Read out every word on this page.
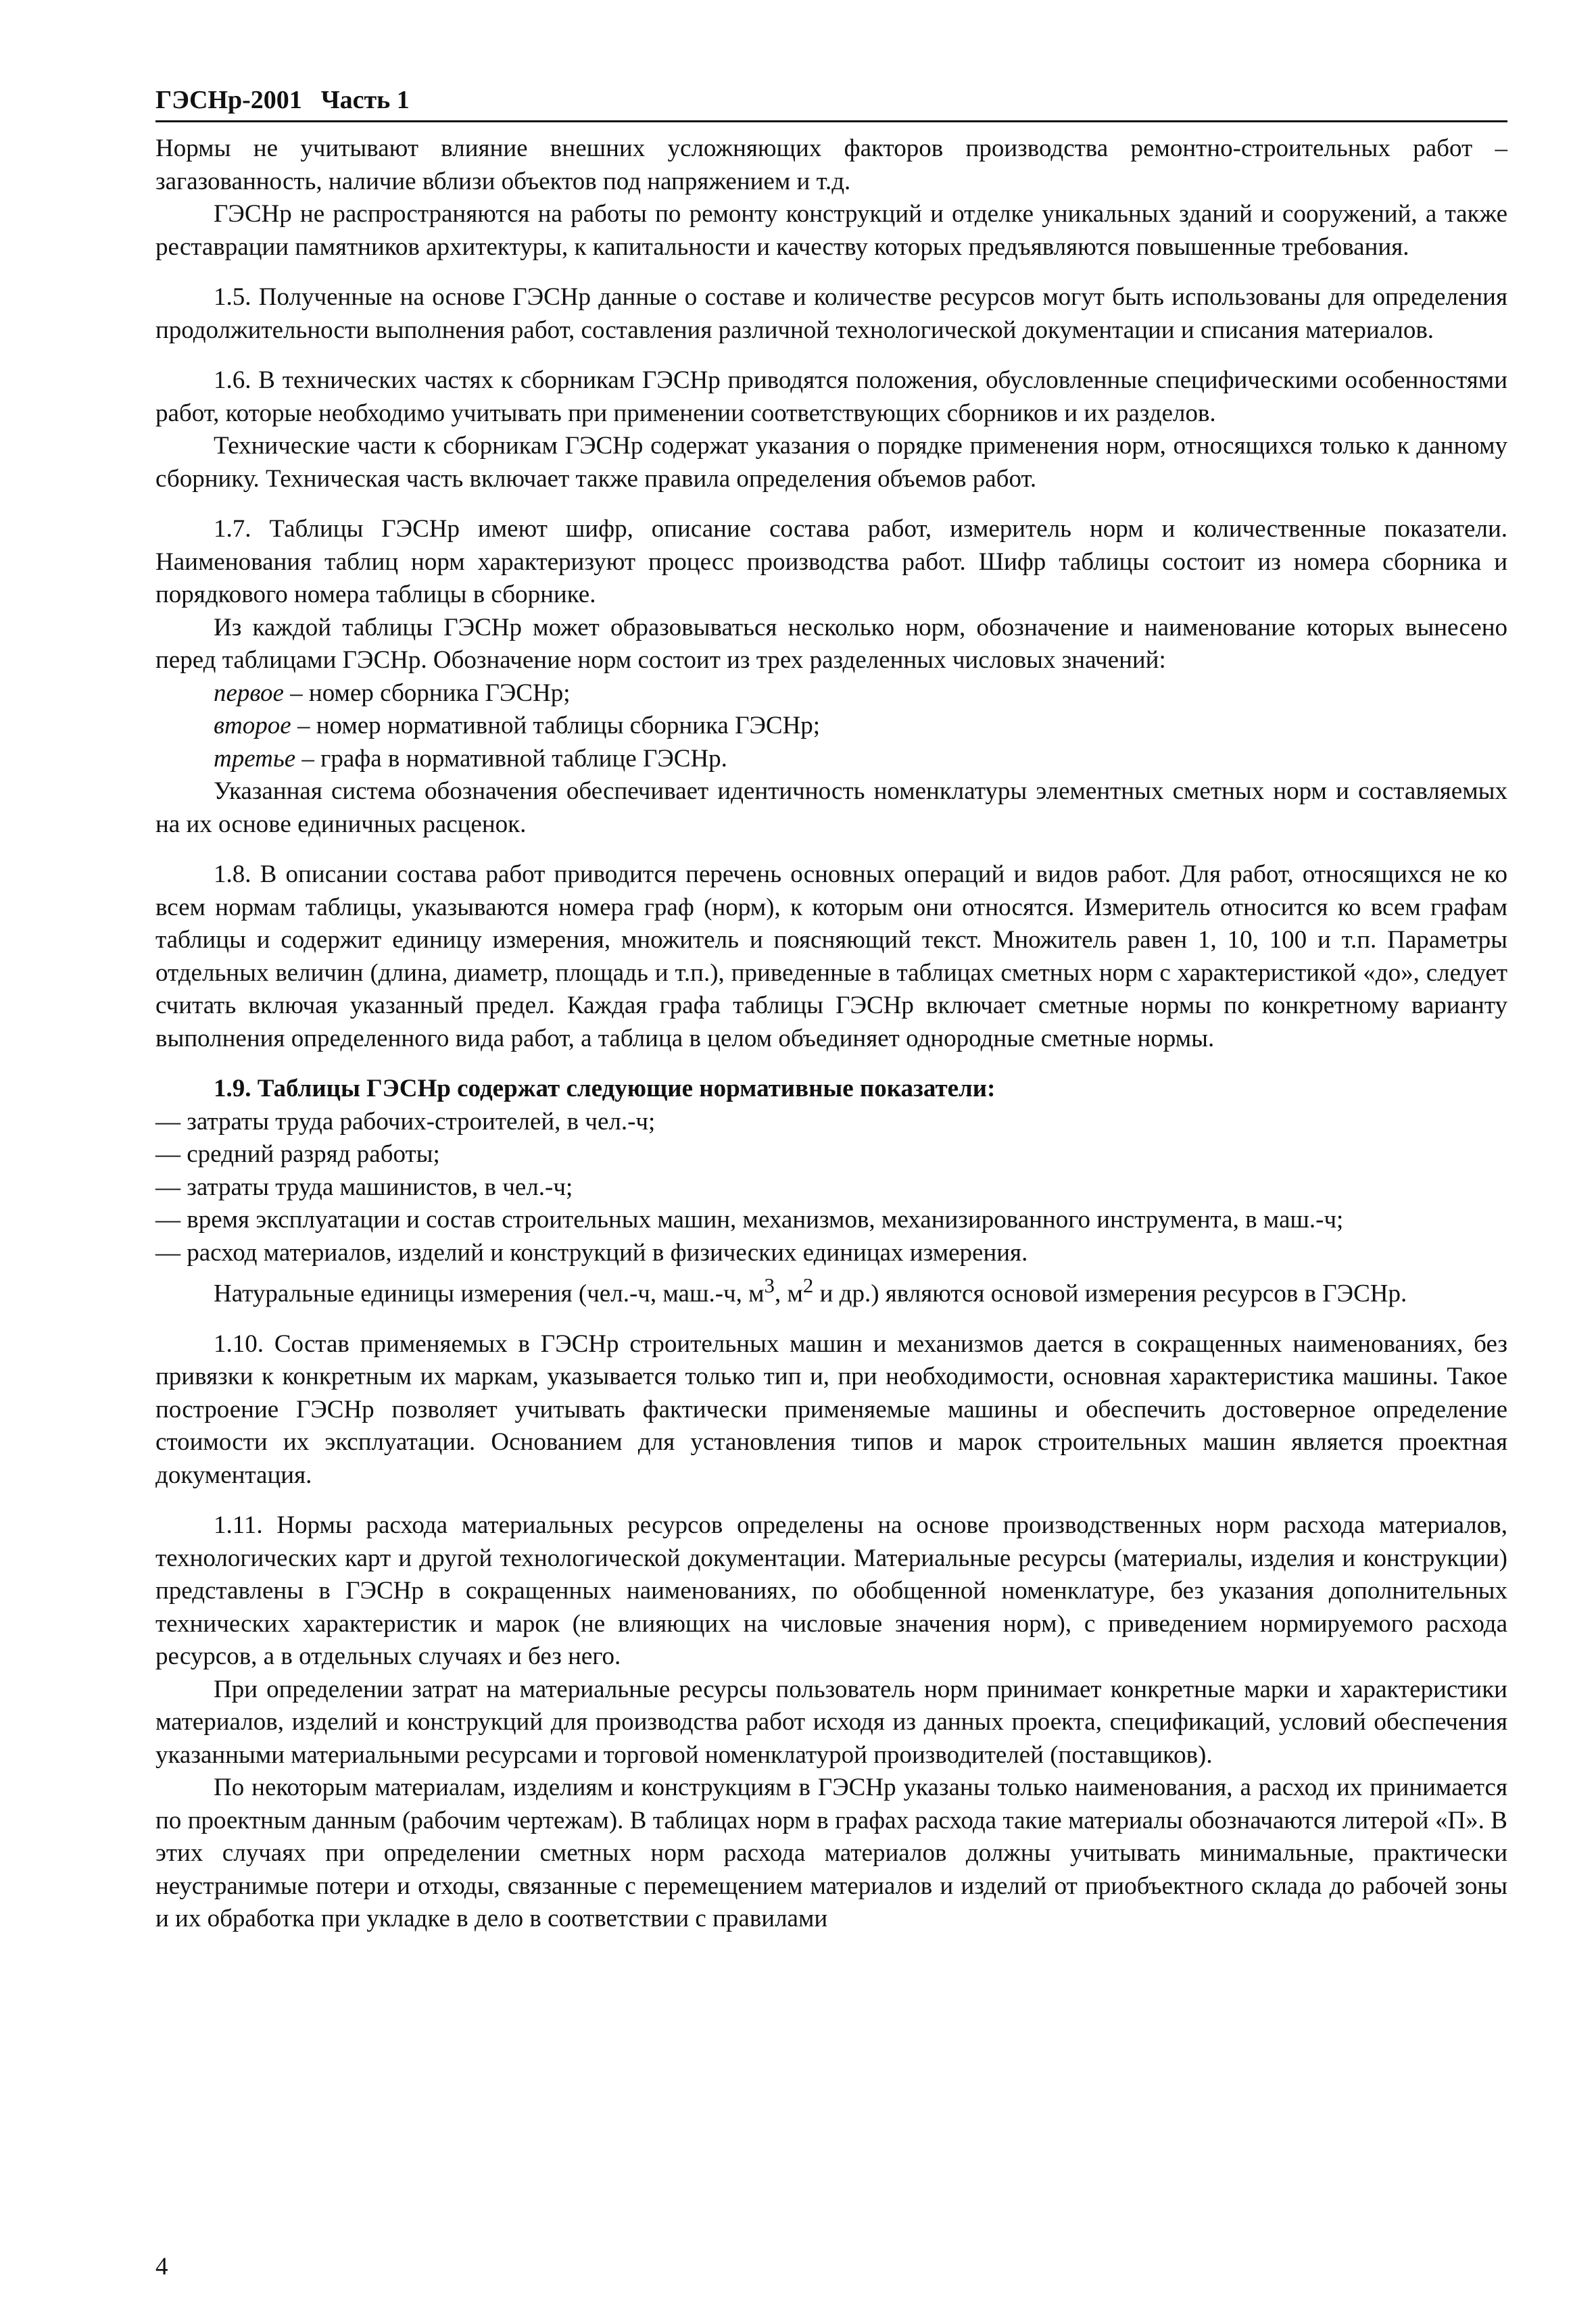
ГЭСНр-2001 Часть 1

Нормы не учитывают влияние внешних усложняющих факторов производства ремонтно-строительных работ – загазованность, наличие вблизи объектов под напряжением и т.д.

ГЭСНр не распространяются на работы по ремонту конструкций и отделке уникальных зданий и сооружений, а также реставрации памятников архитектуры, к капитальности и качеству которых предъявляются повышенные требования.

1.5. Полученные на основе ГЭСНр данные о составе и количестве ресурсов могут быть использованы для определения продолжительности выполнения работ, составления различной технологической документации и списания материалов.

1.6. В технических частях к сборникам ГЭСНр приводятся положения, обусловленные специфическими особенностями работ, которые необходимо учитывать при применении соответствующих сборников и их разделов.

Технические части к сборникам ГЭСНр содержат указания о порядке применения норм, относящихся только к данному сборнику. Техническая часть включает также правила определения объемов работ.

1.7. Таблицы ГЭСНр имеют шифр, описание состава работ, измеритель норм и количественные показатели. Наименования таблиц норм характеризуют процесс производства работ. Шифр таблицы состоит из номера сборника и порядкового номера таблицы в сборнике.

Из каждой таблицы ГЭСНр может образовываться несколько норм, обозначение и наименование которых вынесено перед таблицами ГЭСНр. Обозначение норм состоит из трех разделенных числовых значений:

первое – номер сборника ГЭСНр;

второе – номер нормативной таблицы сборника ГЭСНр;

третье – графа в нормативной таблице ГЭСНр.

Указанная система обозначения обеспечивает идентичность номенклатуры элементных сметных норм и составляемых на их основе единичных расценок.

1.8. В описании состава работ приводится перечень основных операций и видов работ. Для работ, относящихся не ко всем нормам таблицы, указываются номера граф (норм), к которым они относятся. Измеритель относится ко всем графам таблицы и содержит единицу измерения, множитель и поясняющий текст. Множитель равен 1, 10, 100 и т.п. Параметры отдельных величин (длина, диаметр, площадь и т.п.), приведенные в таблицах сметных норм с характеристикой «до», следует считать включая указанный предел. Каждая графа таблицы ГЭСНр включает сметные нормы по конкретному варианту выполнения определенного вида работ, а таблица в целом объединяет однородные сметные нормы.

1.9. Таблицы ГЭСНр содержат следующие нормативные показатели:

–– затраты труда рабочих-строителей, в чел.-ч;

— средний разряд работы;

— затраты труда машинистов, в чел.-ч;

— время эксплуатации и состав строительных машин, механизмов, механизированного инструмента, в маш.-ч;

— расход материалов, изделий и конструкций в физических единицах измерения.

Натуральные единицы измерения (чел.-ч, маш.-ч, $м^3$, $м^2$ и др.) являются основой измерения ресурсов в ГЭСНр.

1.10. Состав применяемых в ГЭСНр строительных машин и механизмов дается в сокращенных наименованиях, без привязки к конкретным их маркам, указывается только тип и, при необходимости, основная характеристика машины. Такое построение ГЭСНр позволяет учитывать фактически применяемые машины и обеспечить достоверное определение стоимости их эксплуатации. Основанием для установления типов и марок строительных машин является проектная документация.

1.11. Нормы расхода материальных ресурсов определены на основе производственных норм расхода материалов, технологических карт и другой технологической документации. Материальные ресурсы (материалы, изделия и конструкции) представлены в ГЭСНр в сокращенных наименованиях, по обобщенной номенклатуре, без указания дополнительных технических характеристик и марок (не влияющих на числовые значения норм), с приведением нормируемого расхода ресурсов, а в отдельных случаях и без него.

При определении затрат на материальные ресурсы пользователь норм принимает конкретные марки и характеристики материалов, изделий и конструкций для производства работ исходя из данных проекта, спецификаций, условий обеспечения указанными материальными ресурсами и торговой номенклатурой производителей (поставщиков).

По некоторым материалам, изделиям и конструкциям в ГЭСНр указаны только наименования, а расход их принимается по проектным данным (рабочим чертежам). В таблицах норм в графах расхода такие материалы обозначаются литерой «П». В этих случаях при определении сметных норм расхода материалов должны учитывать минимальные, практически неустранимые потери и отходы, связанные с перемещением материалов и изделий от приобъектного склада до рабочей зоны и их обработка при укладке в дело в соответствии с правилами

4
